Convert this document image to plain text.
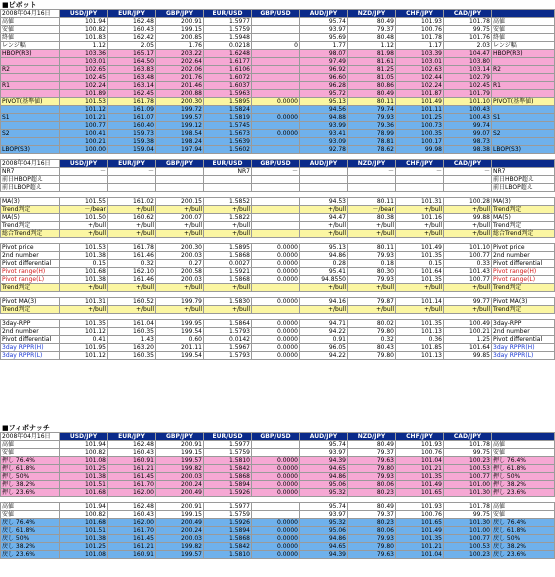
■ピボット
2008年04月16日	USD/JPY	EUR/JPY	GBP/JPY	EUR/USD	GBP/USD	AUD/JPY	NZD/JPY	CHF/JPY	CAD/JPY	
高値	101.94	162.48	200.91	1.5977		95.74	80.49	101.93	101.78	高値
安値	100.82	160.43	199.15	1.5759		93.97	79.37	100.76	99.75	安値
終値	101.83	162.42	200.85	1.5948		95.69	80.48	101.78	101.76	終値
レンジ幅	1.12	2.05	1.76	0.0218	0	1.77	1.12	1.17	2.03	レンジ幅
HBOP(R3)	103.36	165.17	203.22	1.6248		98.07	81.98	103.39	104.47	HBOP(R3)
	103.01	164.50	202.64	1.6177		97.49	81.61	103.01	103.80	
R2	102.65	163.83	202.06	1.6106		96.92	81.25	102.63	103.14	R2
	102.45	163.48	201.76	1.6072		96.60	81.05	102.44	102.79	
R1	102.24	163.14	201.46	1.6037		96.28	80.86	102.24	102.45	R1
	101.89	162.45	200.88	1.5963		95.72	80.49	101.87	101.79	
PIVOT(基準値)	101.53	161.78	200.30	1.5895	0.0000	95.13	80.11	101.49	101.10	PIVOT(基準値)
	101.12	161.09	199.72	1.5824		94.56	79.74	101.11	100.43	
S1	101.21	161.07	199.57	1.5819	0.0000	94.88	79.93	101.25	100.43	S1
	100.77	160.40	199.12	1.5745		93.99	79.36	100.73	99.74	
S2	100.41	159.73	198.54	1.5673	0.0000	93.41	78.99	100.35	99.07	S2
	100.21	159.38	198.24	1.5639		93.09	78.81	100.17	98.73	
LBOP(S3)	100.00	159.04	197.94	1.5602		92.78	78.62	99.98	98.38	LBOP(S3)

2008年04月16日	USD/JPY	EUR/JPY	GBP/JPY	EUR/USD	GBP/USD	AUD/JPY	NZD/JPY	CHF/JPY	CAD/JPY	
NR7	－	－		NR7	－		－	－	－	NR7
前日HBOP超え										前日HBOP超え
前日LBOP超え										前日LBOP超え

MA(3)	101.55	161.02	200.15	1.5852		94.53	80.11	101.31	100.28	MA(3)
Trend判定	－/bear	+/bull	+/bull	+/bull		+/bull	－/bear	+/bull	+/bull	Trend判定
MA(5)	101.50	160.62	200.07	1.5822		94.47	80.38	101.16	99.88	MA(5)
Trend判定	+/bull	+/bull	+/bull	+/bull		+/bull	+/bull	+/bull	+/bull	Trend判定
総合Trend判定	+/bull	+/bull	+/bull	+/bull		+/bull	+/bull	+/bull	+/bull	総合Trend判定

Pivot price	101.53	161.78	200.30	1.5895	0.0000	95.13	80.11	101.49	101.10	Pivot price
2nd number	101.38	161.46	200.03	1.5868	0.0000	94.86	79.93	101.35	100.77	2nd number
Pivot differential	0.15	0.32	0.27	0.0027	0.0000	0.28	0.18	0.15	0.33	Pivot differential
Pivot range(H)	101.68	162.10	200.58	1.5921	0.0000	95.41	80.30	101.64	101.43	Pivot range(H)
Pivot range(L)	101.38	161.46	200.03	1.5868	0.0000	94.8550	79.93	101.35	100.77	Pivot range(L)
Trend判定	+/bull	+/bull	+/bull	+/bull		+/bull	+/bull	+/bull	+/bull	Trend判定

Pivot MA(3)	101.31	160.52	199.79	1.5830	0.0000	94.16	79.87	101.14	99.77	Pivot MA(3)
Trend判定	+/bull	+/bull	+/bull	+/bull		+/bull	+/bull	+/bull	+/bull	Trend判定

3day-RPP	101.35	161.04	199.95	1.5864	0.0000	94.71	80.02	101.35	100.49	3day-RPP
2nd number	101.12	160.35	199.54	1.5793	0.0000	94.22	79.80	101.13	100.21	2nd number
Pivot differential	0.41	1.43	0.60	0.0142	0.0000	0.91	0.32	0.36	1.25	Pivot differential
3day RPPR(H)	101.95	163.20	201.11	1.5967	0.0000	96.05	80.43	101.85	101.64	3day RPPR(H)
3day RPPR(L)	101.12	160.35	199.54	1.5793	0.0000	94.22	79.80	101.13	99.85	3day RPPR(L)
■フィボナッチ
2008年04月16日	USD/JPY	EUR/JPY	GBP/JPY	EUR/USD	GBP/USD	AUD/JPY	NZD/JPY	CHF/JPY	CAD/JPY	
高値	101.94	162.48	200.91	1.5977		95.74	80.49	101.93	101.78	高値
安値	100.82	160.43	199.15	1.5759		93.97	79.37	100.76	99.75	安値
押し 76.4%	101.08	160.91	199.57	1.5810	0.0000	94.39	79.63	101.04	100.23	押し 76.4%
押し 61.8%	101.25	161.21	199.82	1.5842	0.0000	94.65	79.80	101.21	100.53	押し 61.8%
押し 50%	101.38	161.45	200.03	1.5868	0.0000	94.86	79.93	101.35	100.77	押し 50%
押し 38.2%	101.51	161.70	200.24	1.5894	0.0000	95.06	80.06	101.49	101.00	押し 38.2%
押し 23.6%	101.68	162.00	200.49	1.5926	0.0000	95.32	80.23	101.65	101.30	押し 23.6%

高値	101.94	162.48	200.91	1.5977		95.74	80.49	101.93	101.78	高値
安値	100.82	160.43	199.15	1.5759		93.97	79.37	100.76	99.75	安値
戻し 76.4%	101.68	162.00	200.49	1.5926	0.0000	95.32	80.23	101.65	101.30	戻し 76.4%
戻し 61.8%	101.51	161.70	200.24	1.5894	0.0000	95.06	80.06	101.49	101.00	戻し 61.8%
戻し 50%	101.38	161.45	200.03	1.5868	0.0000	94.86	79.93	101.35	100.77	戻し 50%
戻し 38.2%	101.25	161.21	199.82	1.5842	0.0000	94.65	79.80	101.21	100.53	戻し 38.2%
戻し 23.6%	101.08	160.91	199.57	1.5810	0.0000	94.39	79.63	101.04	100.23	戻し 23.6%
